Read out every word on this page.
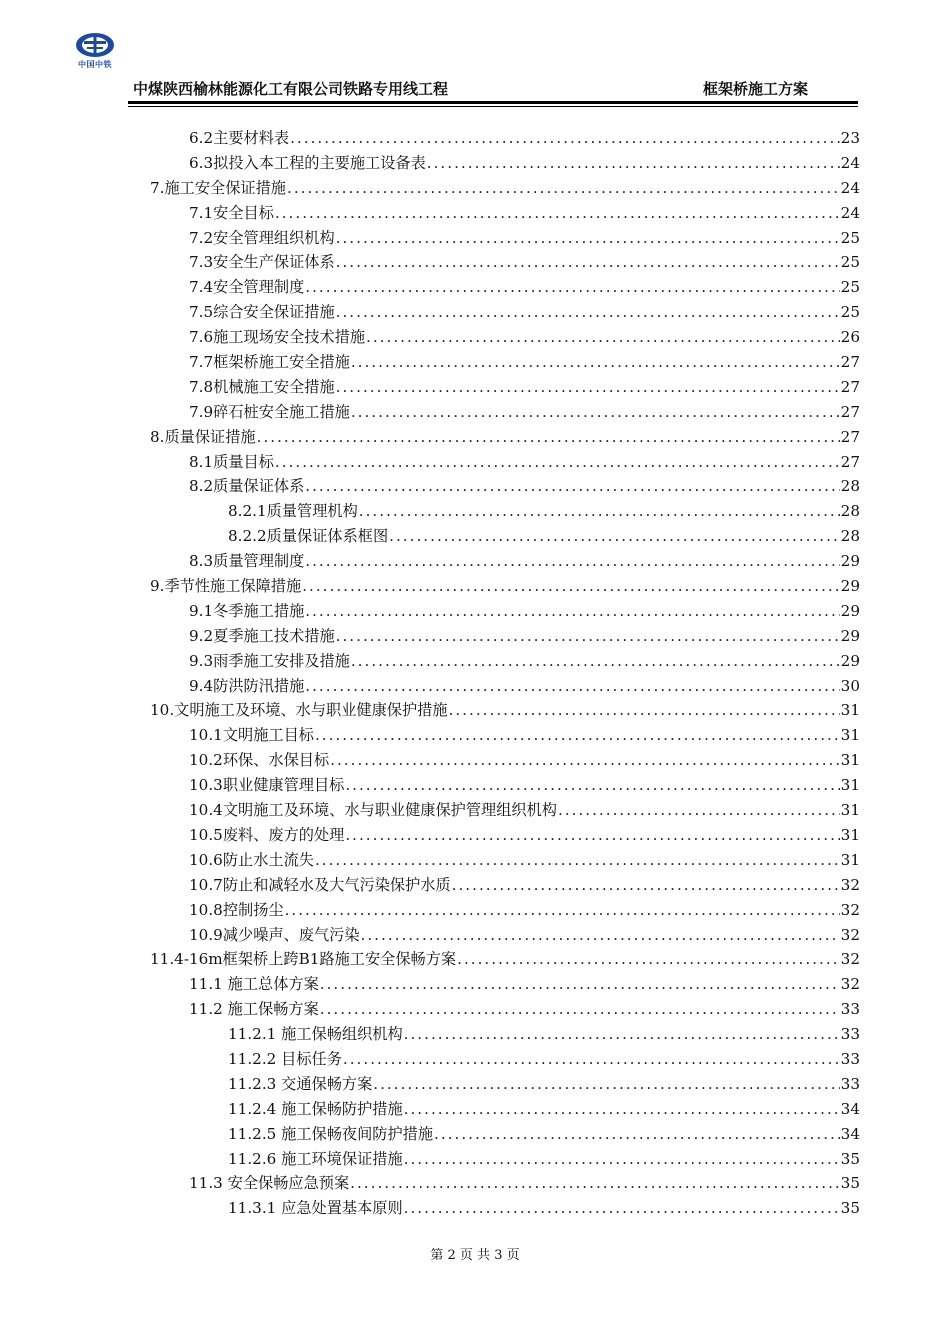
中国中铁
中煤陕西榆林能源化工有限公司铁路专用线工程	框架桥施工方案
6.2主要材料表 .....	23
6.3拟投入本工程的主要施工设备表 .....	24
7.施工安全保证措施 .....	24
7.1安全目标 .....	24
7.2安全管理组织机构 .....	25
7.3安全生产保证体系 .....	25
7.4安全管理制度 .....	25
7.5综合安全保证措施 .....	25
7.6施工现场安全技术措施 .....	26
7.7框架桥施工安全措施 .....	27
7.8机械施工安全措施 .....	27
7.9碎石桩安全施工措施 .....	27
8.质量保证措施 .....	27
8.1质量目标 .....	27
8.2质量保证体系 .....	28
8.2.1质量管理机构 .....	28
8.2.2质量保证体系框图 .....	28
8.3质量管理制度 .....	29
9.季节性施工保障措施 .....	29
9.1冬季施工措施 .....	29
9.2夏季施工技术措施 .....	29
9.3雨季施工安排及措施 .....	29
9.4防洪防汛措施 .....	30
10.文明施工及环境、水与职业健康保护措施 .....	31
10.1文明施工目标 .....	31
10.2环保、水保目标 .....	31
10.3职业健康管理目标 .....	31
10.4文明施工及环境、水与职业健康保护管理组织机构 .....	31
10.5废料、废方的处理 .....	31
10.6防止水土流失 .....	31
10.7防止和减轻水及大气污染保护水质 .....	32
10.8控制扬尘 .....	32
10.9减少噪声、废气污染 .....	32
11.4-16m框架桥上跨B1路施工安全保畅方案 .....	32
11.1 施工总体方案 .....	32
11.2 施工保畅方案 .....	33
11.2.1 施工保畅组织机构 .....	33
11.2.2 目标任务 .....	33
11.2.3 交通保畅方案 .....	33
11.2.4 施工保畅防护措施 .....	34
11.2.5 施工保畅夜间防护措施 .....	34
11.2.6 施工环境保证措施 .....	35
11.3 安全保畅应急预案 .....	35
11.3.1 应急处置基本原则 .....	35
第 2 页 共 3 页
